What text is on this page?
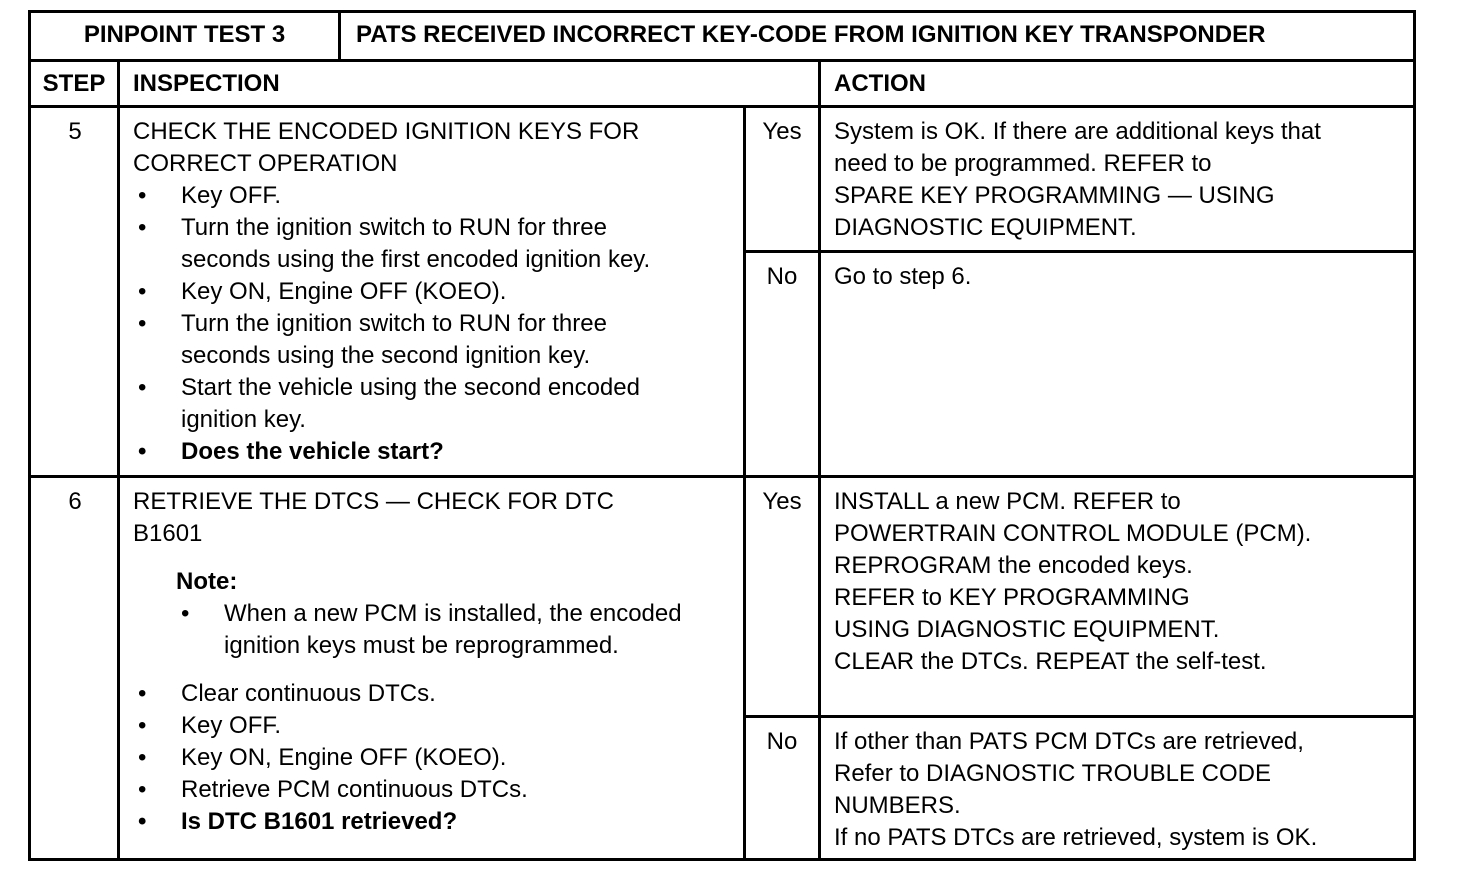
PINPOINT TEST 3	PATS RECEIVED INCORRECT KEY-CODE FROM IGNITION KEY TRANSPONDER
STEP	INSPECTION	ACTION
5	CHECK THE ENCODED IGNITION KEYS FOR
CORRECT OPERATION
• Key OFF.
• Turn the ignition switch to RUN for three
seconds using the first encoded ignition key.
• Key ON, Engine OFF (KOEO).
• Turn the ignition switch to RUN for three
seconds using the second ignition key.
• Start the vehicle using the second encoded
ignition key.
• Does the vehicle start?
Yes	System is OK. If there are additional keys that
need to be programmed. REFER to
SPARE KEY PROGRAMMING — USING
DIAGNOSTIC EQUIPMENT.
No	Go to step 6.
6	RETRIEVE THE DTCS — CHECK FOR DTC
B1601
Note:
• When a new PCM is installed, the encoded
ignition keys must be reprogrammed.
• Clear continuous DTCs.
• Key OFF.
• Key ON, Engine OFF (KOEO).
• Retrieve PCM continuous DTCs.
• Is DTC B1601 retrieved?
Yes	INSTALL a new PCM. REFER to
POWERTRAIN CONTROL MODULE (PCM).
REPROGRAM the encoded keys.
REFER to KEY PROGRAMMING
USING DIAGNOSTIC EQUIPMENT.
CLEAR the DTCs. REPEAT the self-test.
No	If other than PATS PCM DTCs are retrieved,
Refer to DIAGNOSTIC TROUBLE CODE
NUMBERS.
If no PATS DTCs are retrieved, system is OK.
